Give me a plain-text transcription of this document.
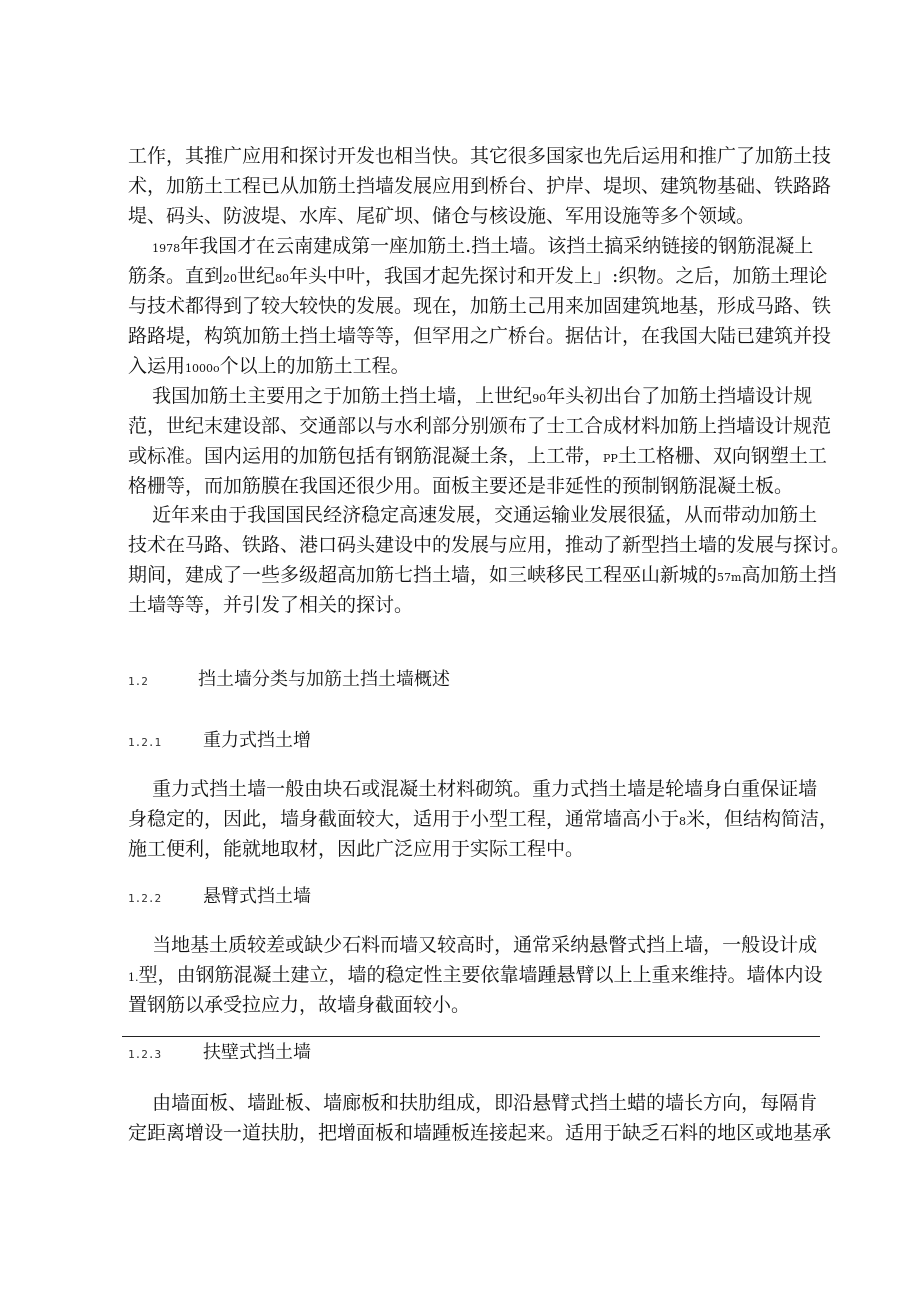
工作，其推广应用和探讨开发也相当快。其它很多国家也先后运用和推广了加筋土技
术，加筋土工程已从加筋土挡墙发展应用到桥台、护岸、堤坝、建筑物基础、铁路路
堤、码头、防波堤、水库、尾矿坝、储仓与核设施、军用设施等多个领域。
1978年我国才在云南建成第一座加筋土.挡土墙。该挡土搞采纳链接的钢筋混凝上
筋条。直到20世纪80年头中叶，我国才起先探讨和开发上」:织物。之后，加筋土理论
与技术都得到了较大较快的发展。现在，加筋土己用来加固建筑地基，形成马路、铁
路路堤，构筑加筋土挡土墙等等，但罕用之广桥台。据估计，在我国大陆已建筑并投
入运用1000o个以上的加筋土工程。
我国加筋土主要用之于加筋土挡土墙，上世纪90年头初出台了加筋土挡墙设计规
范，世纪末建设部、交通部以与水利部分别颁布了士工合成材料加筋上挡墙设计规范
或标准。国内运用的加筋包括有钢筋混凝土条，上工带，PP土工格栅、双向钢塑土工
格栅等，而加筋膜在我国还很少用。面板主要还是非延性的预制钢筋混凝土板。
近年来由于我国国民经济稳定高速发展，交通运输业发展很猛，从而带动加筋土
技术在马路、铁路、港口码头建设中的发展与应用，推动了新型挡土墙的发展与探讨。
期间，建成了一些多级超高加筋七挡土墙，如三峡移民工程巫山新城的57m高加筋土挡
土墙等等，并引发了相关的探讨。
1.2	挡土墙分类与加筋土挡土墙概述
1.2.1 重力式挡土增
重力式挡土墙一般由块石或混凝土材料砌筑。重力式挡土墙是轮墙身白重保证墙
身稳定的，因此，墙身截面较大，适用于小型工程，通常墙高小于8米，但结构简洁，
施工便利，能就地取材，因此广泛应用于实际工程中。
1.2.2 悬臂式挡土墙
当地基土质较差或缺少石料而墙又较高时，通常采纳悬瞥式挡上墙，一般设计成
1.型，由钢筋混凝土建立，墙的稳定性主要依靠墙踵悬臂以上上重来维持。墙体内设
置钢筋以承受拉应力，故墙身截面较小。
1.2.3 扶壁式挡土墙
由墙面板、墙趾板、墙廊板和扶肋组成，即沿悬臂式挡土蜡的墙长方向，每隔肯
定距离增设一道扶肋，把增面板和墙踵板连接起来。适用于缺乏石料的地区或地基承
